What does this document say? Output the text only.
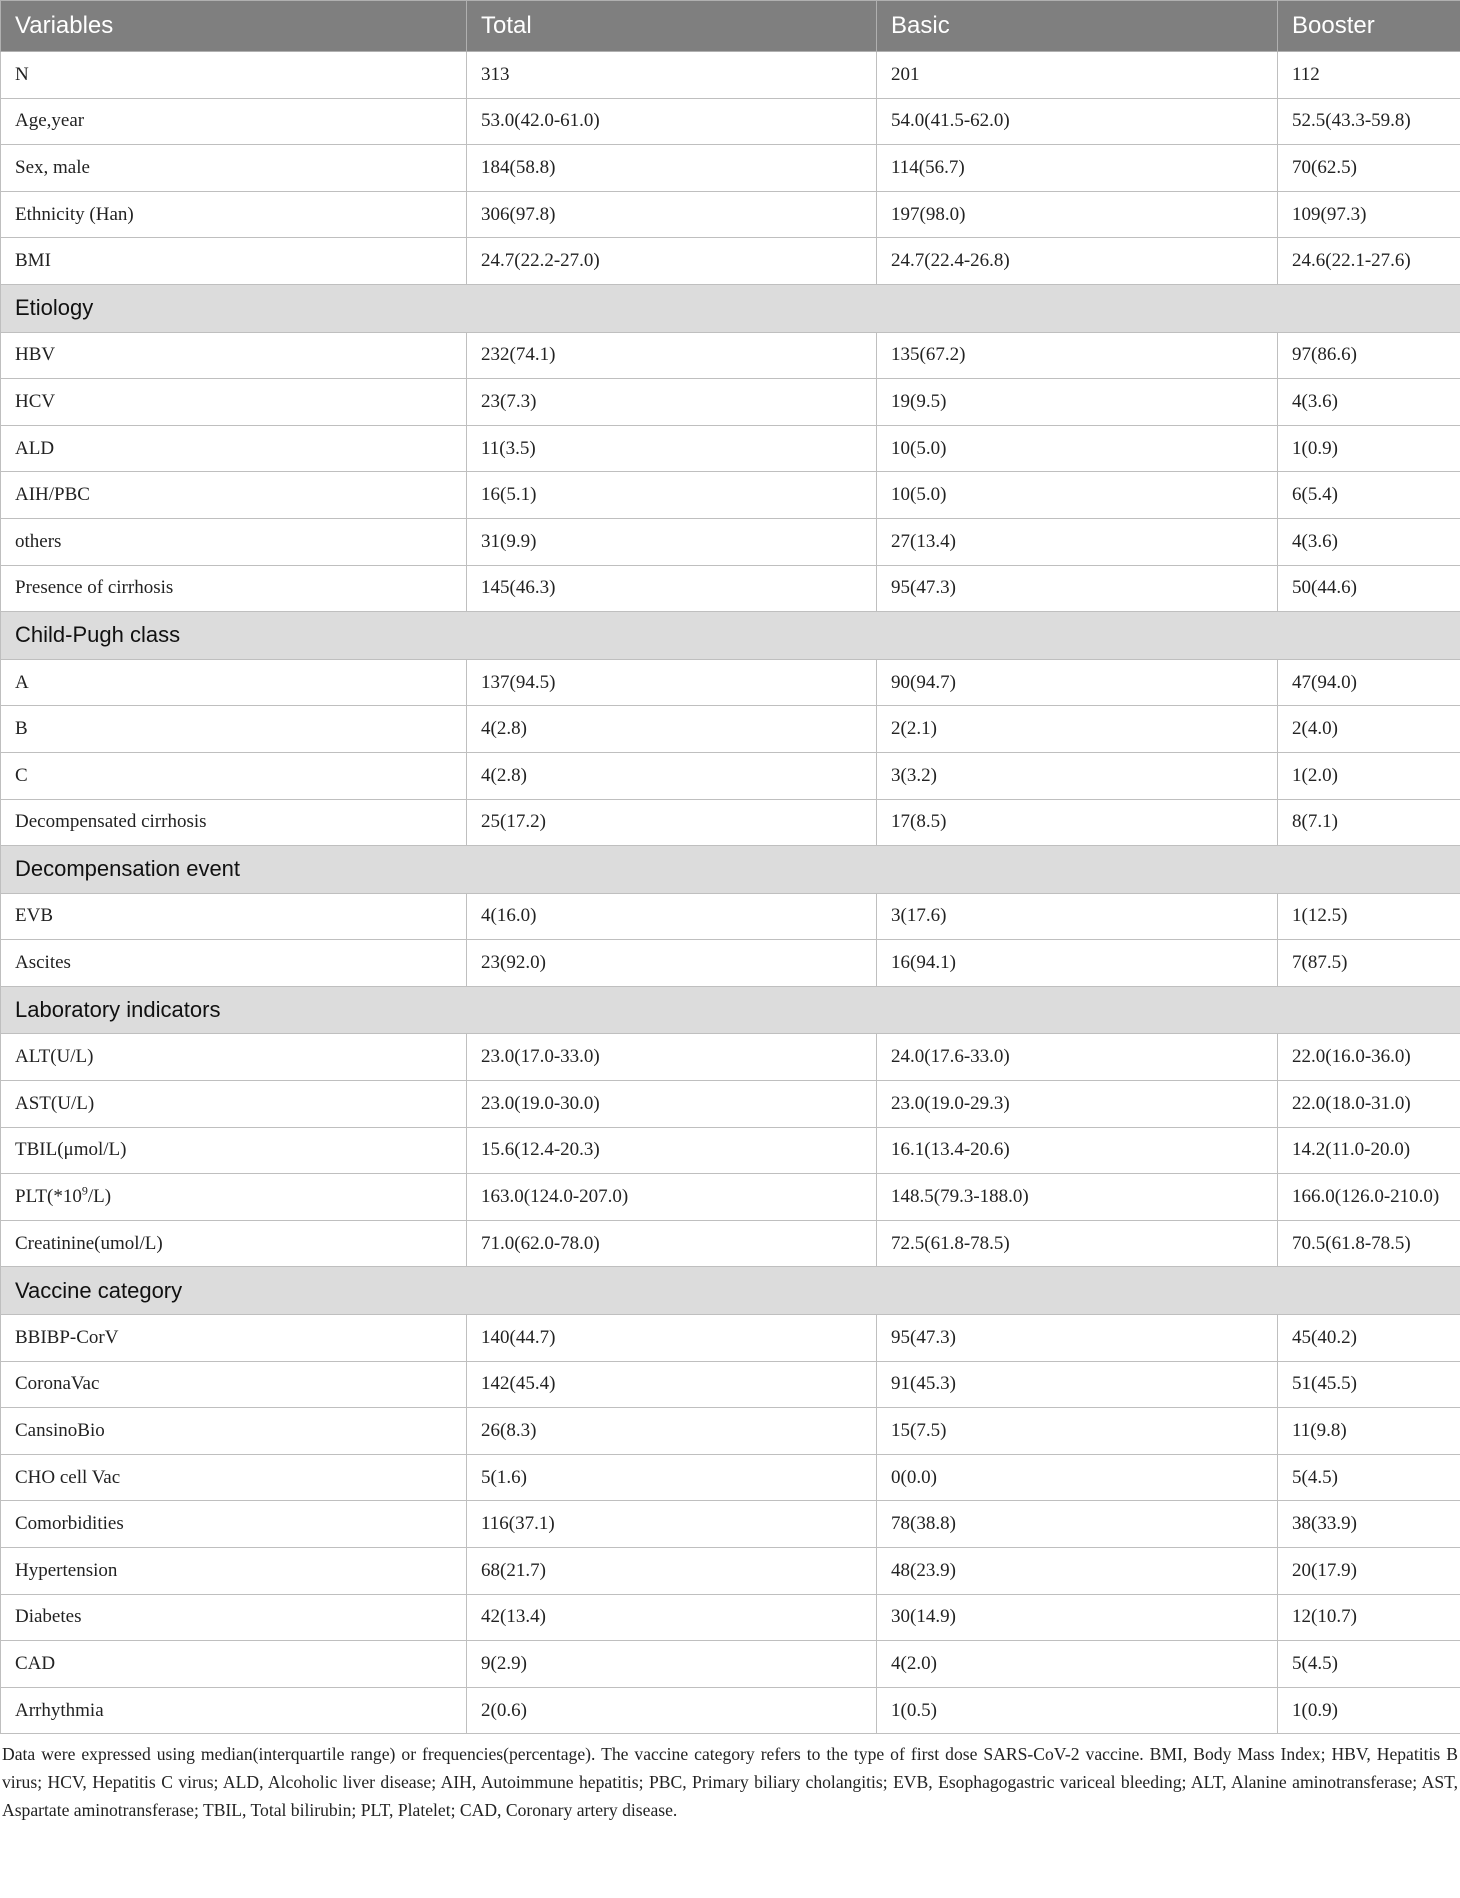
Variables	Total	Basic	Booster
N	313	201	112
Age,year	53.0(42.0-61.0)	54.0(41.5-62.0)	52.5(43.3-59.8)
Sex, male	184(58.8)	114(56.7)	70(62.5)
Ethnicity (Han)	306(97.8)	197(98.0)	109(97.3)
BMI	24.7(22.2-27.0)	24.7(22.4-26.8)	24.6(22.1-27.6)
Etiology			
HBV	232(74.1)	135(67.2)	97(86.6)
HCV	23(7.3)	19(9.5)	4(3.6)
ALD	11(3.5)	10(5.0)	1(0.9)
AIH/PBC	16(5.1)	10(5.0)	6(5.4)
others	31(9.9)	27(13.4)	4(3.6)
Presence of cirrhosis	145(46.3)	95(47.3)	50(44.6)
Child-Pugh class			
A	137(94.5)	90(94.7)	47(94.0)
B	4(2.8)	2(2.1)	2(4.0)
C	4(2.8)	3(3.2)	1(2.0)
Decompensated cirrhosis	25(17.2)	17(8.5)	8(7.1)
Decompensation event			
EVB	4(16.0)	3(17.6)	1(12.5)
Ascites	23(92.0)	16(94.1)	7(87.5)
Laboratory indicators			
ALT(U/L)	23.0(17.0-33.0)	24.0(17.6-33.0)	22.0(16.0-36.0)
AST(U/L)	23.0(19.0-30.0)	23.0(19.0-29.3)	22.0(18.0-31.0)
TBIL(μmol/L)	15.6(12.4-20.3)	16.1(13.4-20.6)	14.2(11.0-20.0)
$PLT(*10^9/L)$	163.0(124.0-207.0)	148.5(79.3-188.0)	166.0(126.0-210.0)
Creatinine(umol/L)	71.0(62.0-78.0)	72.5(61.8-78.5)	70.5(61.8-78.5)
Vaccine category			
BBIBP-CorV	140(44.7)	95(47.3)	45(40.2)
CoronaVac	142(45.4)	91(45.3)	51(45.5)
CansinoBio	26(8.3)	15(7.5)	11(9.8)
CHO cell Vac	5(1.6)	0(0.0)	5(4.5)
Comorbidities	116(37.1)	78(38.8)	38(33.9)
Hypertension	68(21.7)	48(23.9)	20(17.9)
Diabetes	42(13.4)	30(14.9)	12(10.7)
CAD	9(2.9)	4(2.0)	5(4.5)
Arrhythmia	2(0.6)	1(0.5)	1(0.9)
Data were expressed using median(interquartile range) or frequencies(percentage). The vaccine category refers to the type of first dose SARS-CoV-2 vaccine. BMI, Body Mass Index; HBV, Hepatitis B virus; HCV, Hepatitis C virus; ALD, Alcoholic liver disease; AIH, Autoimmune hepatitis; PBC, Primary biliary cholangitis; EVB, Esophagogastric variceal bleeding; ALT, Alanine aminotransferase; AST, Aspartate aminotransferase; TBIL, Total bilirubin; PLT, Platelet; CAD, Coronary artery disease.
